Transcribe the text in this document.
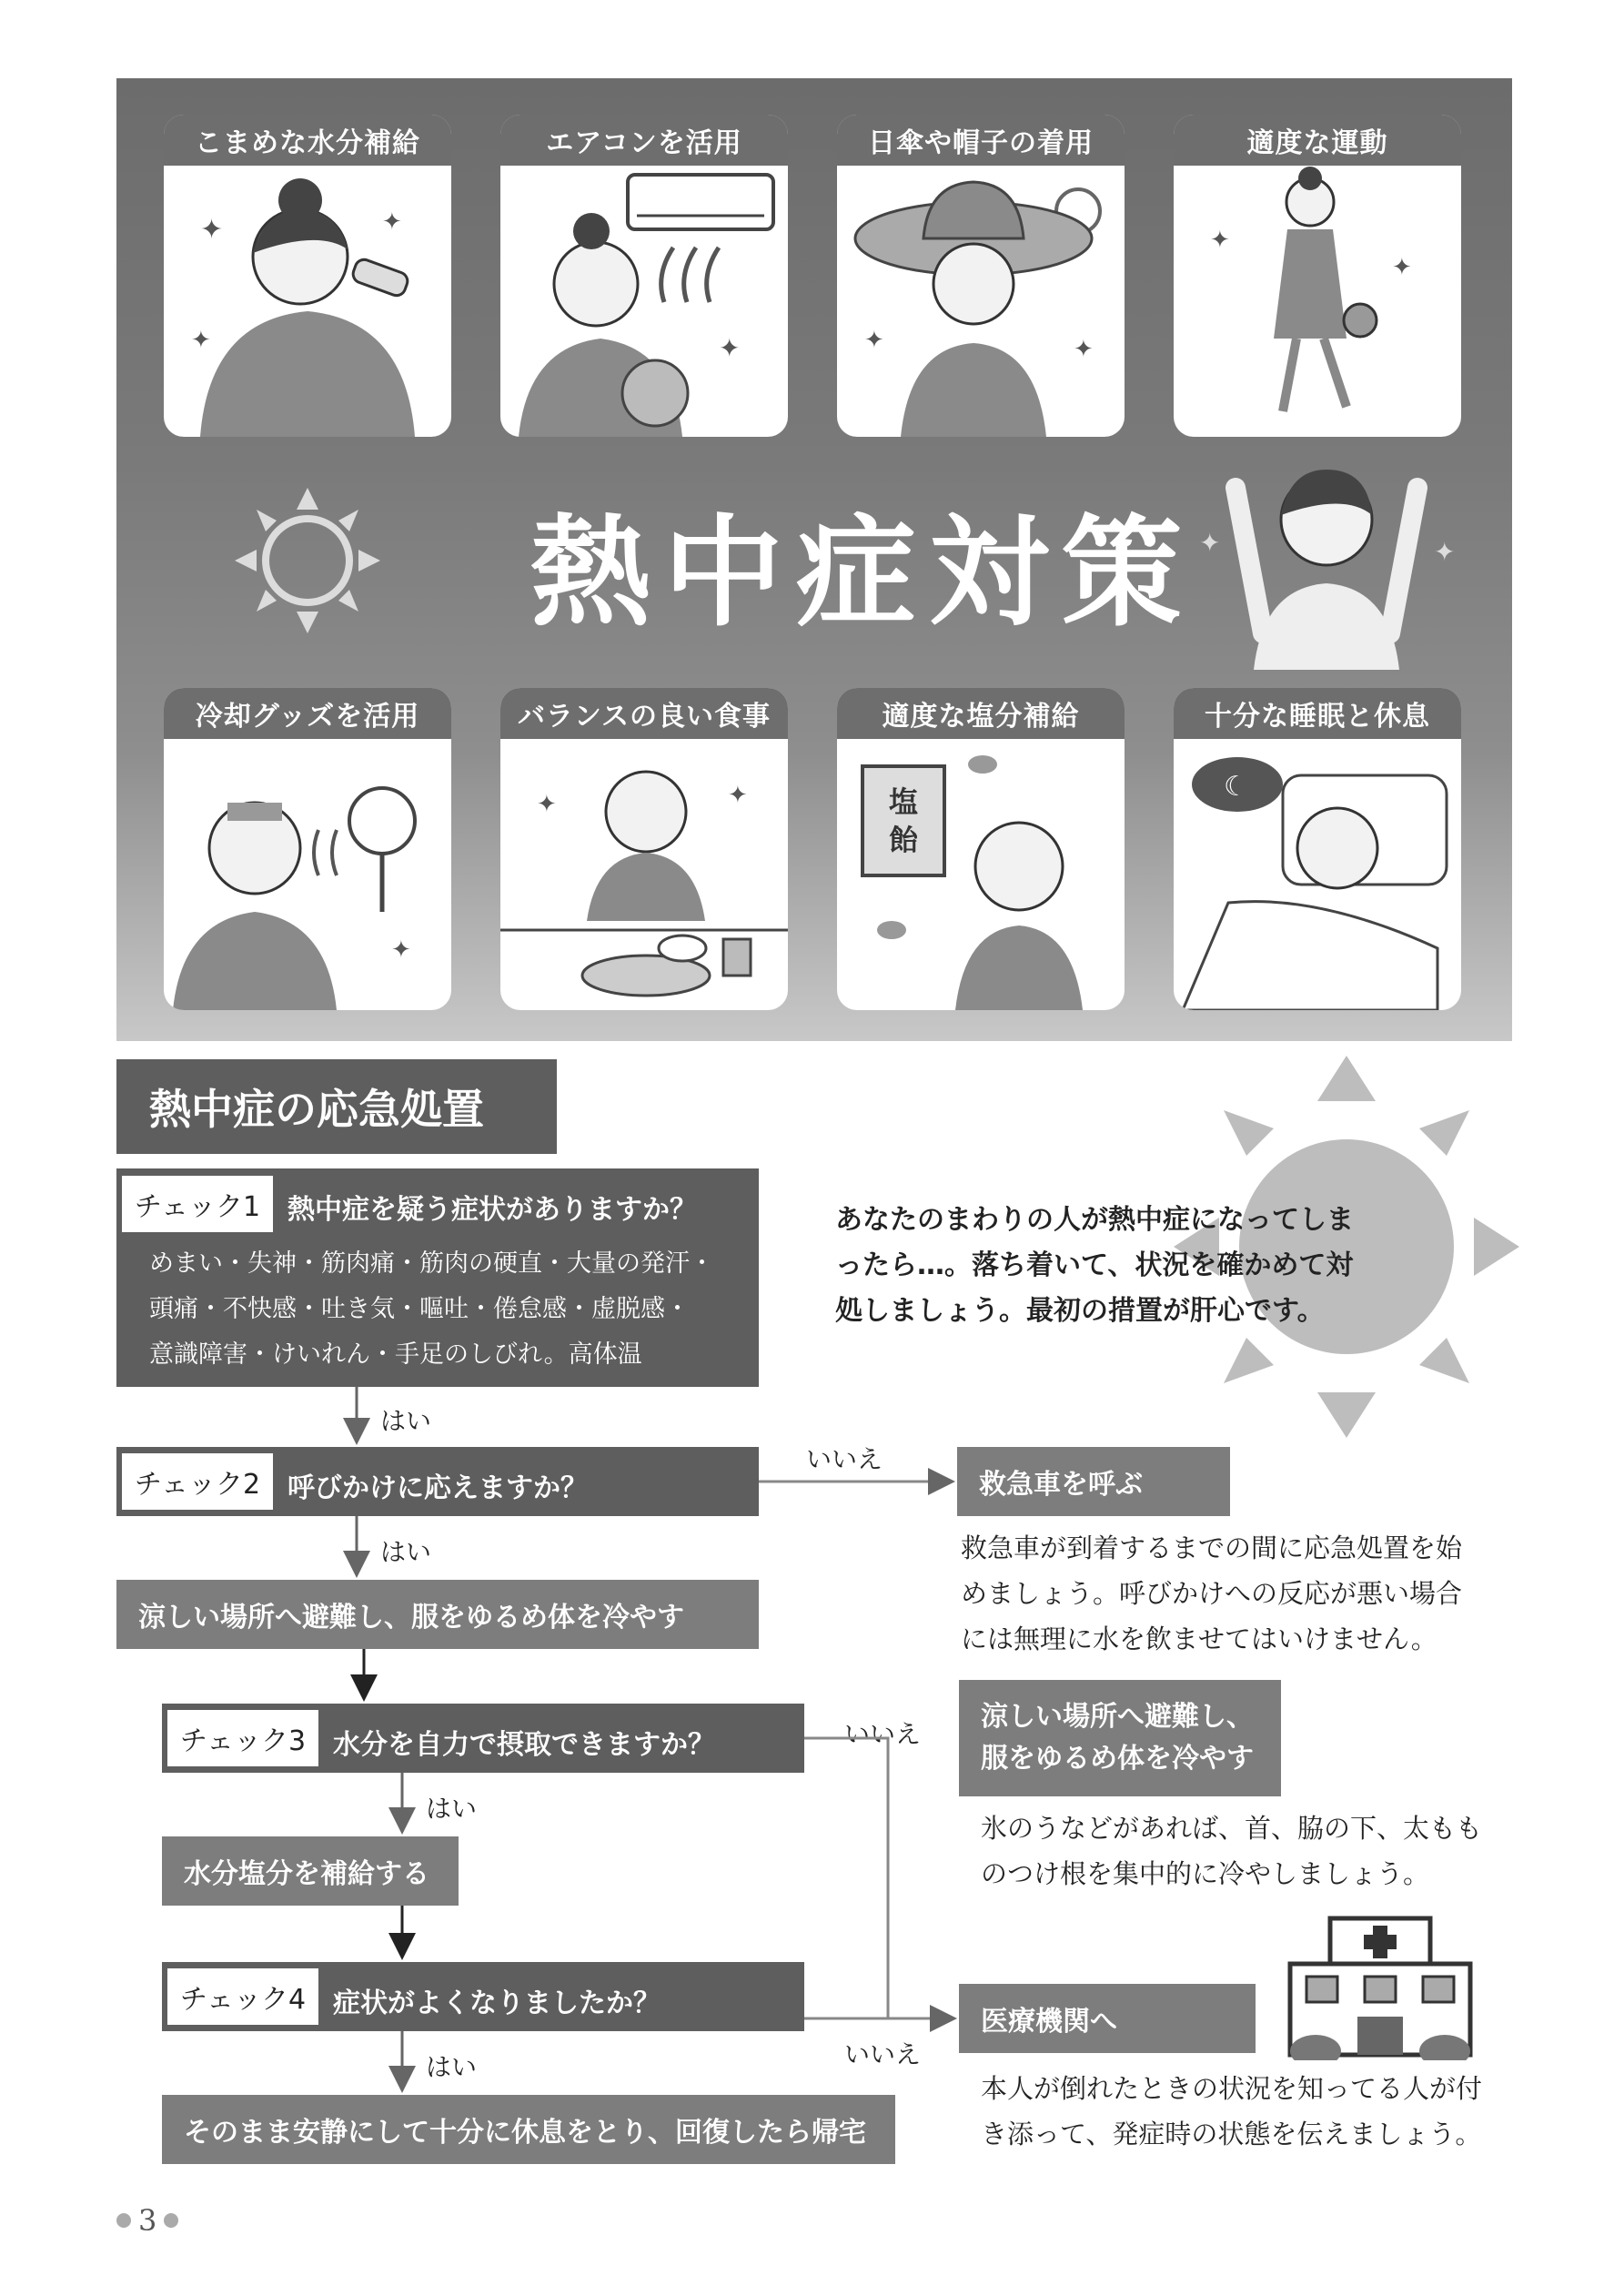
こまめな水分補給
✦	✦
✦
エアコンを活用
✦
日傘や帽子の着用
✦	✦
適度な運動
✦
✦
熱中症対策 ✦	✦
冷却グッズを活用
✦
バランスの良い食事
✦	✦
適度な塩分補給
塩
飴
十分な睡眠と休息
☾
熱中症の応急処置
あなたのまわりの人が熱中症になってしま
ったら…。落ち着いて、状況を確かめて対
処しましょう。最初の措置が肝心です。
チェック1 熱中症を疑う症状がありますか？
めまい・失神・筋肉痛・筋肉の硬直・大量の発汗・
頭痛・不快感・吐き気・嘔吐・倦怠感・虚脱感・
意識障害・けいれん・手足のしびれ。高体温
はい
チェック2 呼びかけに応えますか？
いいえ
救急車を呼ぶ
救急車が到着するまでの間に応急処置を始
めましょう。呼びかけへの反応が悪い場合
には無理に水を飲ませてはいけません。
はい
涼しい場所へ避難し、服をゆるめ体を冷やす
チェック3 水分を自力で摂取できますか？	いいえ
涼しい場所へ避難し、
服をゆるめ体を冷やす
氷のうなどがあれば、首、脇の下、太もも
のつけ根を集中的に冷やしましょう。
はい
水分塩分を補給する
チェック4 症状がよくなりましたか？
いいえ
医療機関へ
本人が倒れたときの状況を知ってる人が付
き添って、発症時の状態を伝えましょう。
はい
そのまま安静にして十分に休息をとり、回復したら帰宅
3
